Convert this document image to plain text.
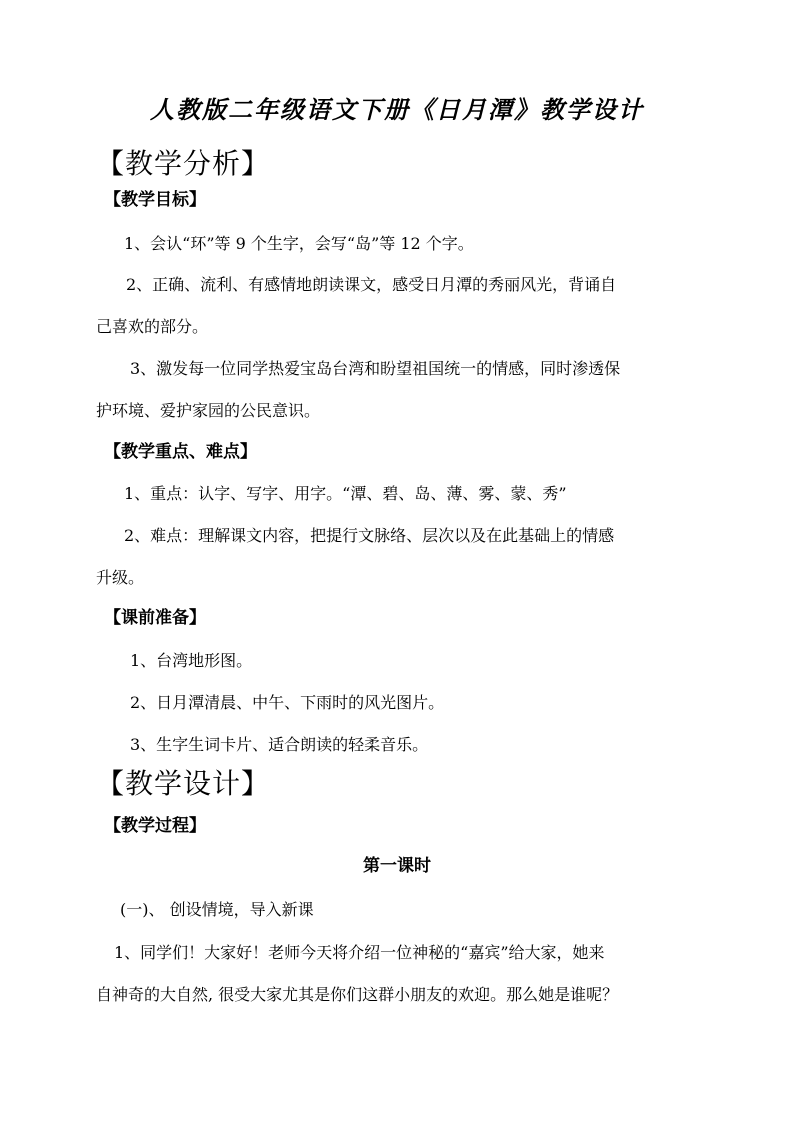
人教版二年级语文下册《日月潭》教学设计
【教学分析】
【教学目标】
1、会认“环”等 9 个生字，会写“岛”等 12 个字。
2、正确、流利、有感情地朗读课文，感受日月潭的秀丽风光，背诵自
己喜欢的部分。
3、激发每一位同学热爱宝岛台湾和盼望祖国统一的情感，同时渗透保
护环境、爱护家园的公民意识。
【教学重点、难点】
1、重点：认字、写字、用字。“潭、碧、岛、薄、雾、蒙、秀”
2、难点：理解课文内容，把提行文脉络、层次以及在此基础上的情感
升级。
【课前准备】
1、台湾地形图。
2、日月潭清晨、中午、下雨时的风光图片。
3、生字生词卡片、适合朗读的轻柔音乐。
【教学设计】
【教学过程】
第一课时
(一)、 创设情境，导入新课
1、同学们！大家好！老师今天将介绍一位神秘的“嘉宾”给大家，她来
自神奇的大自然, 很受大家尤其是你们这群小朋友的欢迎。那么她是谁呢？
